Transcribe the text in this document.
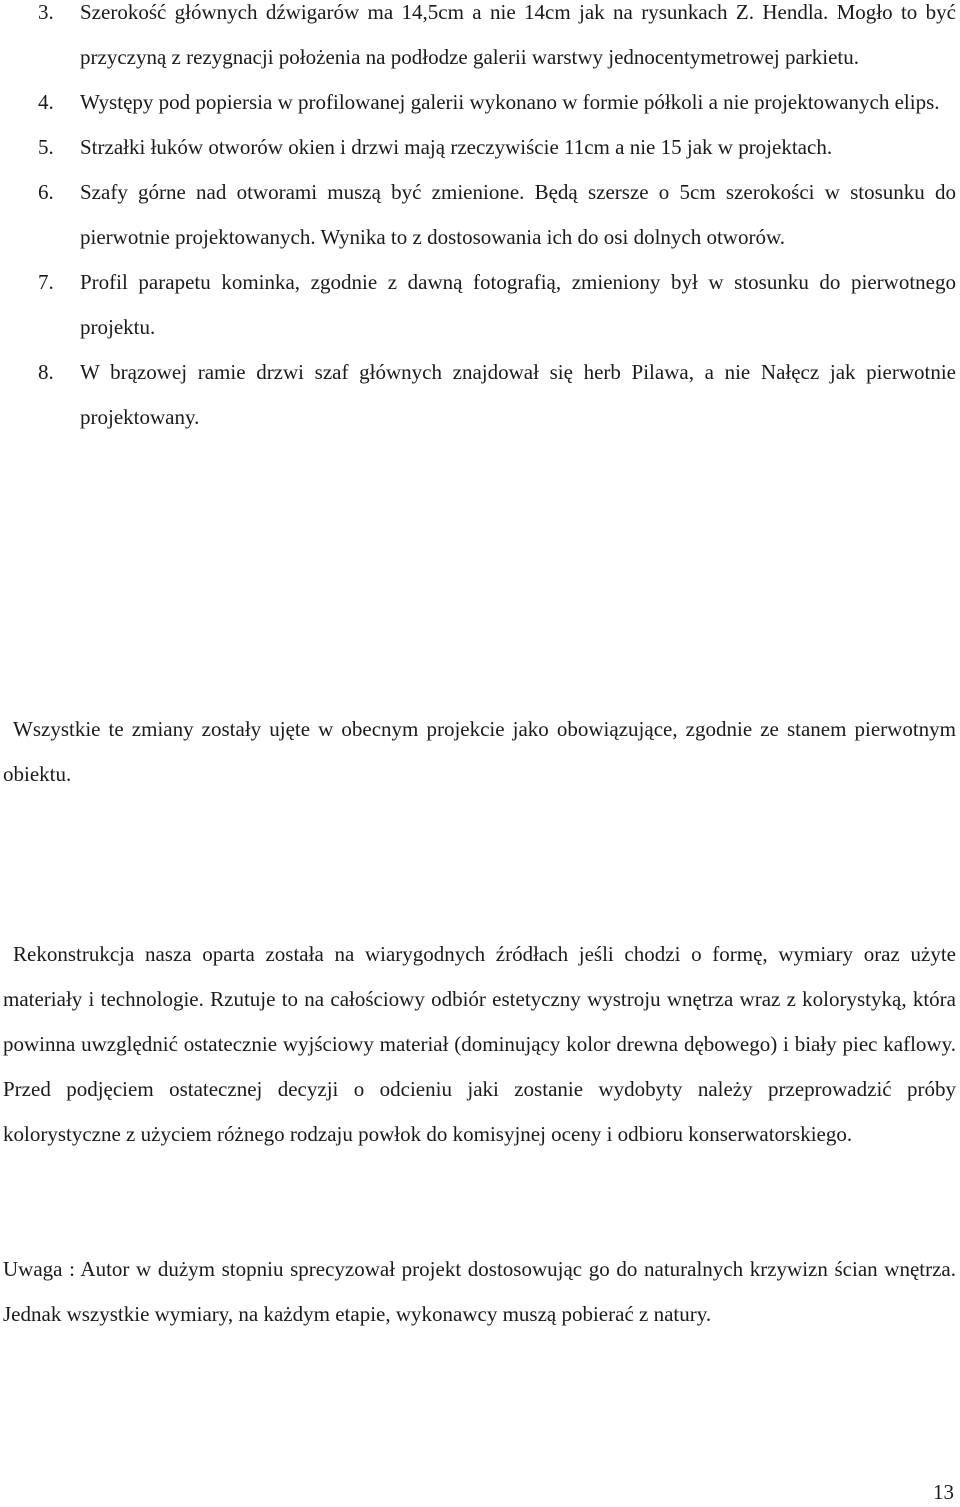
3. Szerokość głównych dźwigarów ma 14,5cm a nie 14cm jak na rysunkach Z. Hendla. Mogło to być przyczyną z rezygnacji położenia na podłodze galerii warstwy jednocentymetrowej parkietu.
4. Występy pod popiersia w profilowanej galerii wykonano w formie półkoli a nie projektowanych elips.
5. Strzałki łuków otworów okien i drzwi mają rzeczywiście 11cm a nie 15 jak w projektach.
6. Szafy górne nad otworami muszą być zmienione. Będą szersze o 5cm szerokości w stosunku do pierwotnie projektowanych. Wynika to z dostosowania ich do osi dolnych otworów.
7. Profil parapetu kominka, zgodnie z dawną fotografią, zmieniony był w stosunku do pierwotnego projektu.
8. W brązowej ramie drzwi szaf głównych znajdował się herb Pilawa, a nie Nałęcz jak pierwotnie projektowany.

Wszystkie te zmiany zostały ujęte w obecnym projekcie jako obowiązujące, zgodnie ze stanem pierwotnym obiektu.

Rekonstrukcja nasza oparta została na wiarygodnych źródłach jeśli chodzi o formę, wymiary oraz użyte materiały i technologie. Rzutuje to na całościowy odbiór estetyczny wystroju wnętrza wraz z kolorystyką, która powinna uwzględnić ostatecznie wyjściowy materiał (dominujący kolor drewna dębowego) i biały piec kaflowy. Przed podjęciem ostatecznej decyzji o odcieniu jaki zostanie wydobyty należy przeprowadzić próby kolorystyczne z użyciem różnego rodzaju powłok do komisyjnej oceny i odbioru konserwatorskiego.

Uwaga : Autor w dużym stopniu sprecyzował projekt dostosowując go do naturalnych krzywizn ścian wnętrza. Jednak wszystkie wymiary, na każdym etapie, wykonawcy muszą pobierać z natury.

13
